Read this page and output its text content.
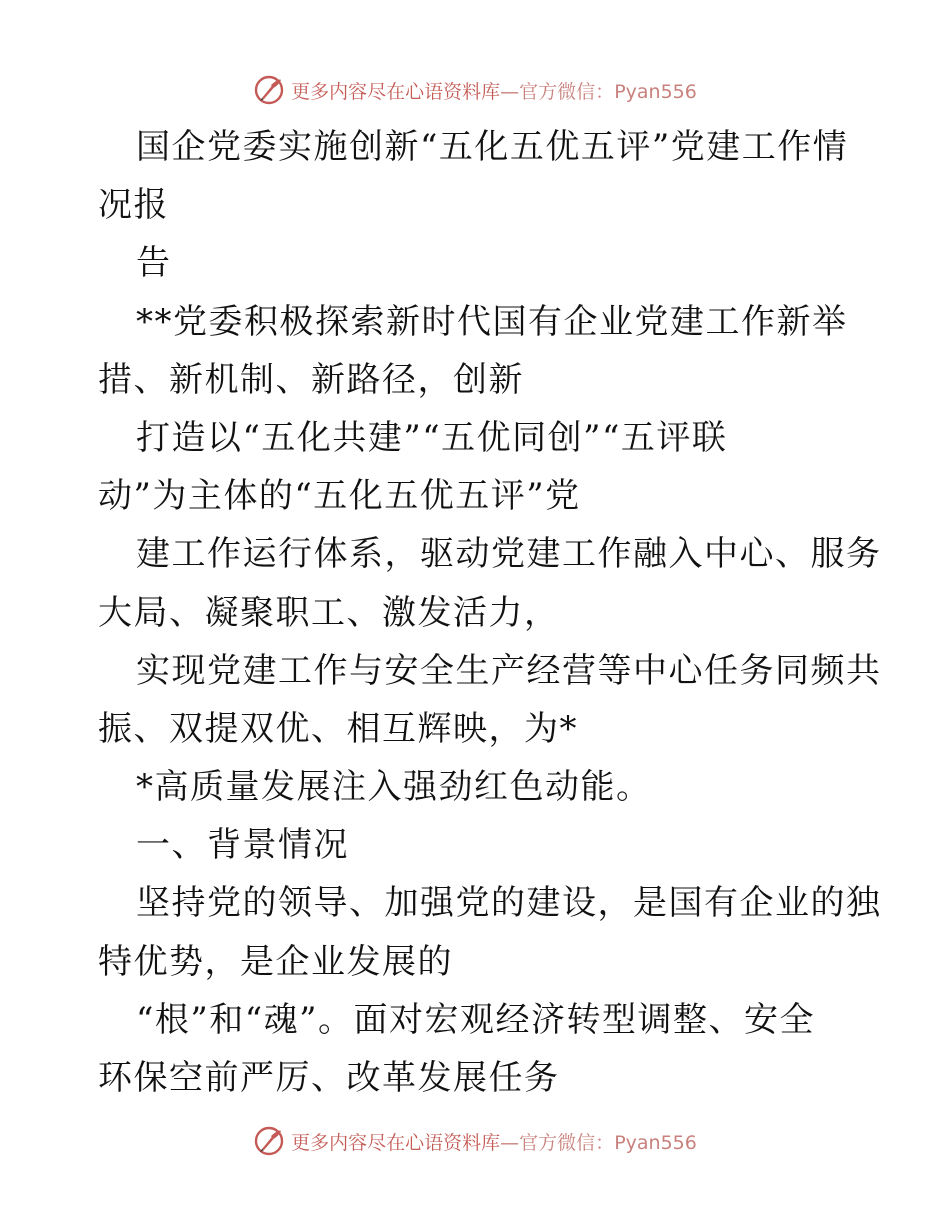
更多内容尽在心语资料库—官方微信：Pyan556
国企党委实施创新“五化五优五评”党建工作情
况报
告
**党委积极探索新时代国有企业党建工作新举
措、新机制、新路径，创新
打造以“五化共建”“五优同创”“五评联
动”为主体的“五化五优五评”党
建工作运行体系，驱动党建工作融入中心、服务
大局、凝聚职工、激发活力，
实现党建工作与安全生产经营等中心任务同频共
振、双提双优、相互辉映，为*
*高质量发展注入强劲红色动能。
一、背景情况
坚持党的领导、加强党的建设，是国有企业的独
特优势，是企业发展的
“根”和“魂”。面对宏观经济转型调整、安全
环保空前严厉、改革发展任务
更多内容尽在心语资料库—官方微信：Pyan556
